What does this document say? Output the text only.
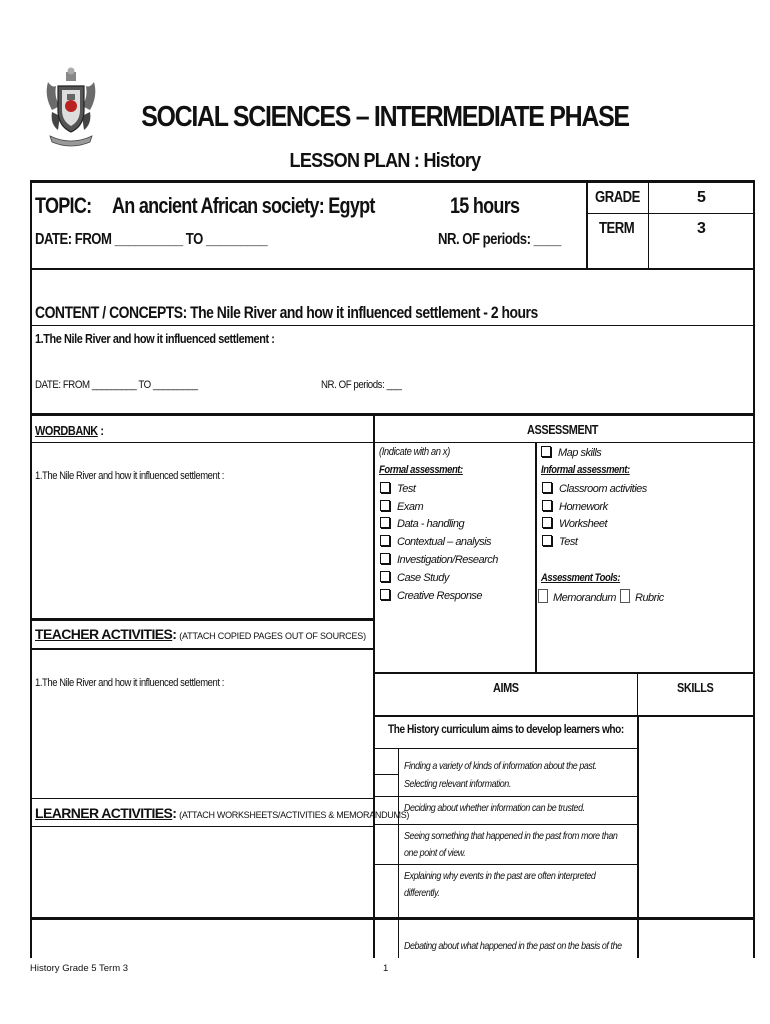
SOCIAL SCIENCES – INTERMEDIATE PHASE
LESSON PLAN : History
TOPIC: An ancient African society: Egypt	15 hours
DATE: FROM __________ TO _________	NR. OF periods: ____
GRADE	5
TERM	3
CONTENT / CONCEPTS: The Nile River and how it influenced settlement - 2 hours
1.The Nile River and how it influenced settlement :
DATE: FROM _________ TO _________	NR. OF periods: ___
WORDBANK :
1.The Nile River and how it influenced settlement :
ASSESSMENT
(Indicate with an x)
Formal assessment:
Test
Exam
Data - handling
Contextual – analysis
Investigation/Research
Case Study
Creative Response
Map skills
Informal assessment:
Classroom activities
Homework
Worksheet
Test
Assessment Tools:
Memorandum	Rubric
TEACHER ACTIVITIES: (ATTACH COPIED PAGES OUT OF SOURCES)
1.The Nile River and how it influenced settlement :	AIMS	SKILLS
The History curriculum aims to develop learners who:
Finding a variety of kinds of information about the past.
Selecting relevant information.
Deciding about whether information can be trusted.
Seeing something that happened in the past from more than
one point of view.
Explaining why events in the past are often interpreted
differently.
Debating about what happened in the past on the basis of the
LEARNER ACTIVITIES: (ATTACH WORKSHEETS/ACTIVITIES & MEMORANDUMS)
History Grade 5 Term 3	1
